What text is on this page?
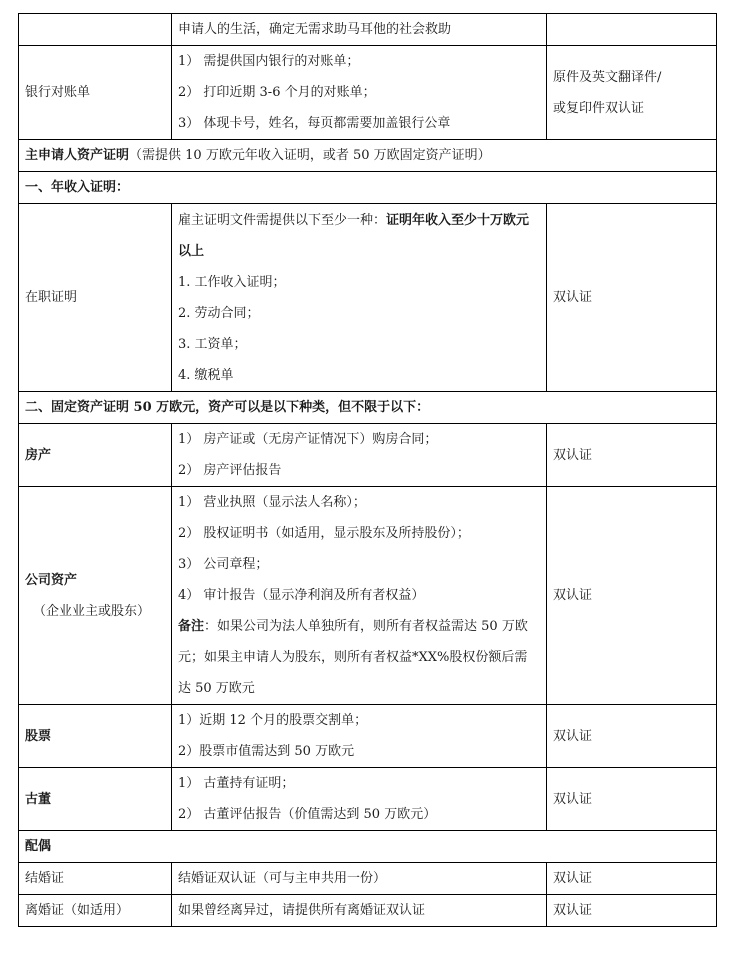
	申请人的生活，确定无需求助马耳他的社会救助	

银行对账单	1） 需提供国内银行的对账单；
2） 打印近期 3-6 个月的对账单；
3） 体现卡号，姓名，每页都需要加盖银行公章	原件及英文翻译件/
或复印件双认证

主申请人资产证明（需提供 10 万欧元年收入证明，或者 50 万欧固定资产证明）		
一、年收入证明：		
在职证明	雇主证明文件需提供以下至少一种：证明年收入至少十万欧元以上
1. 工作收入证明；
2. 劳动合同；
3. 工资单；
4. 缴税单	双认证
二、固定资产证明 50 万欧元，资产可以是以下种类，但不限于以下：		
房产	1） 房产证或（无房产证情况下）购房合同；
2） 房产评估报告	双认证
公司资产
（企业业主或股东）	1） 营业执照（显示法人名称）；
2） 股权证明书（如适用，显示股东及所持股份）；
3） 公司章程；
4） 审计报告（显示净利润及所有者权益）
备注：如果公司为法人单独所有，则所有者权益需达 50 万欧元；如果主申请人为股东，则所有者权益*XX%股权份额后需达 50 万欧元	双认证
股票	1）近期 12 个月的股票交割单；
2）股票市值需达到 50 万欧元	双认证
古董	1） 古董持有证明；
2） 古董评估报告（价值需达到 50 万欧元）	双认证
配偶		
结婚证	结婚证双认证（可与主申共用一份）	双认证
离婚证（如适用）	如果曾经离异过，请提供所有离婚证双认证	双认证
